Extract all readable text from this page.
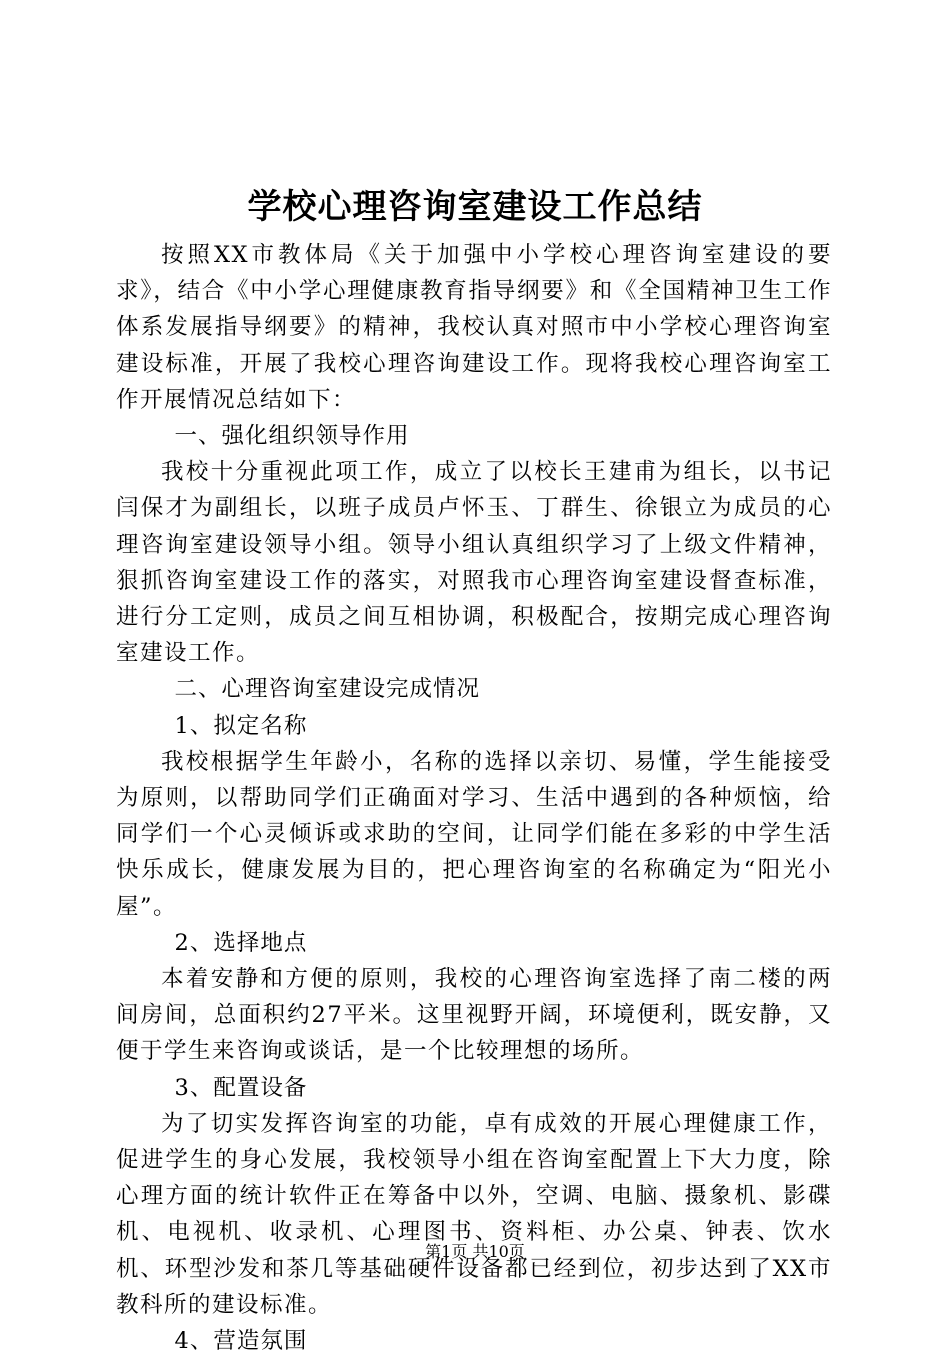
学校心理咨询室建设工作总结

按照XX市教体局《关于加强中小学校心理咨询室建设的要求》，结合《中小学心理健康教育指导纲要》和《全国精神卫生工作体系发展指导纲要》的精神，我校认真对照市中小学校心理咨询室建设标准，开展了我校心理咨询建设工作。现将我校心理咨询室工作开展情况总结如下：

一、强化组织领导作用

我校十分重视此项工作，成立了以校长王建甫为组长，以书记闫保才为副组长，以班子成员卢怀玉、丁群生、徐银立为成员的心理咨询室建设领导小组。领导小组认真组织学习了上级文件精神，狠抓咨询室建设工作的落实，对照我市心理咨询室建设督查标准，进行分工定则，成员之间互相协调，积极配合，按期完成心理咨询室建设工作。

二、心理咨询室建设完成情况

1、拟定名称

我校根据学生年龄小，名称的选择以亲切、易懂，学生能接受为原则，以帮助同学们正确面对学习、生活中遇到的各种烦恼，给同学们一个心灵倾诉或求助的空间，让同学们能在多彩的中学生活快乐成长，健康发展为目的，把心理咨询室的名称确定为“阳光小屋”。

2、选择地点

本着安静和方便的原则，我校的心理咨询室选择了南二楼的两间房间，总面积约27平米。这里视野开阔，环境便利，既安静，又便于学生来咨询或谈话，是一个比较理想的场所。

3、配置设备

为了切实发挥咨询室的功能，卓有成效的开展心理健康工作，促进学生的身心发展，我校领导小组在咨询室配置上下大力度，除心理方面的统计软件正在筹备中以外，空调、电脑、摄象机、影碟机、电视机、收录机、心理图书、资料柜、办公桌、钟表、饮水机、环型沙发和茶几等基础硬件设备都已经到位，初步达到了XX市教科所的建设标准。

4、营造氛围

第1页 共10页
